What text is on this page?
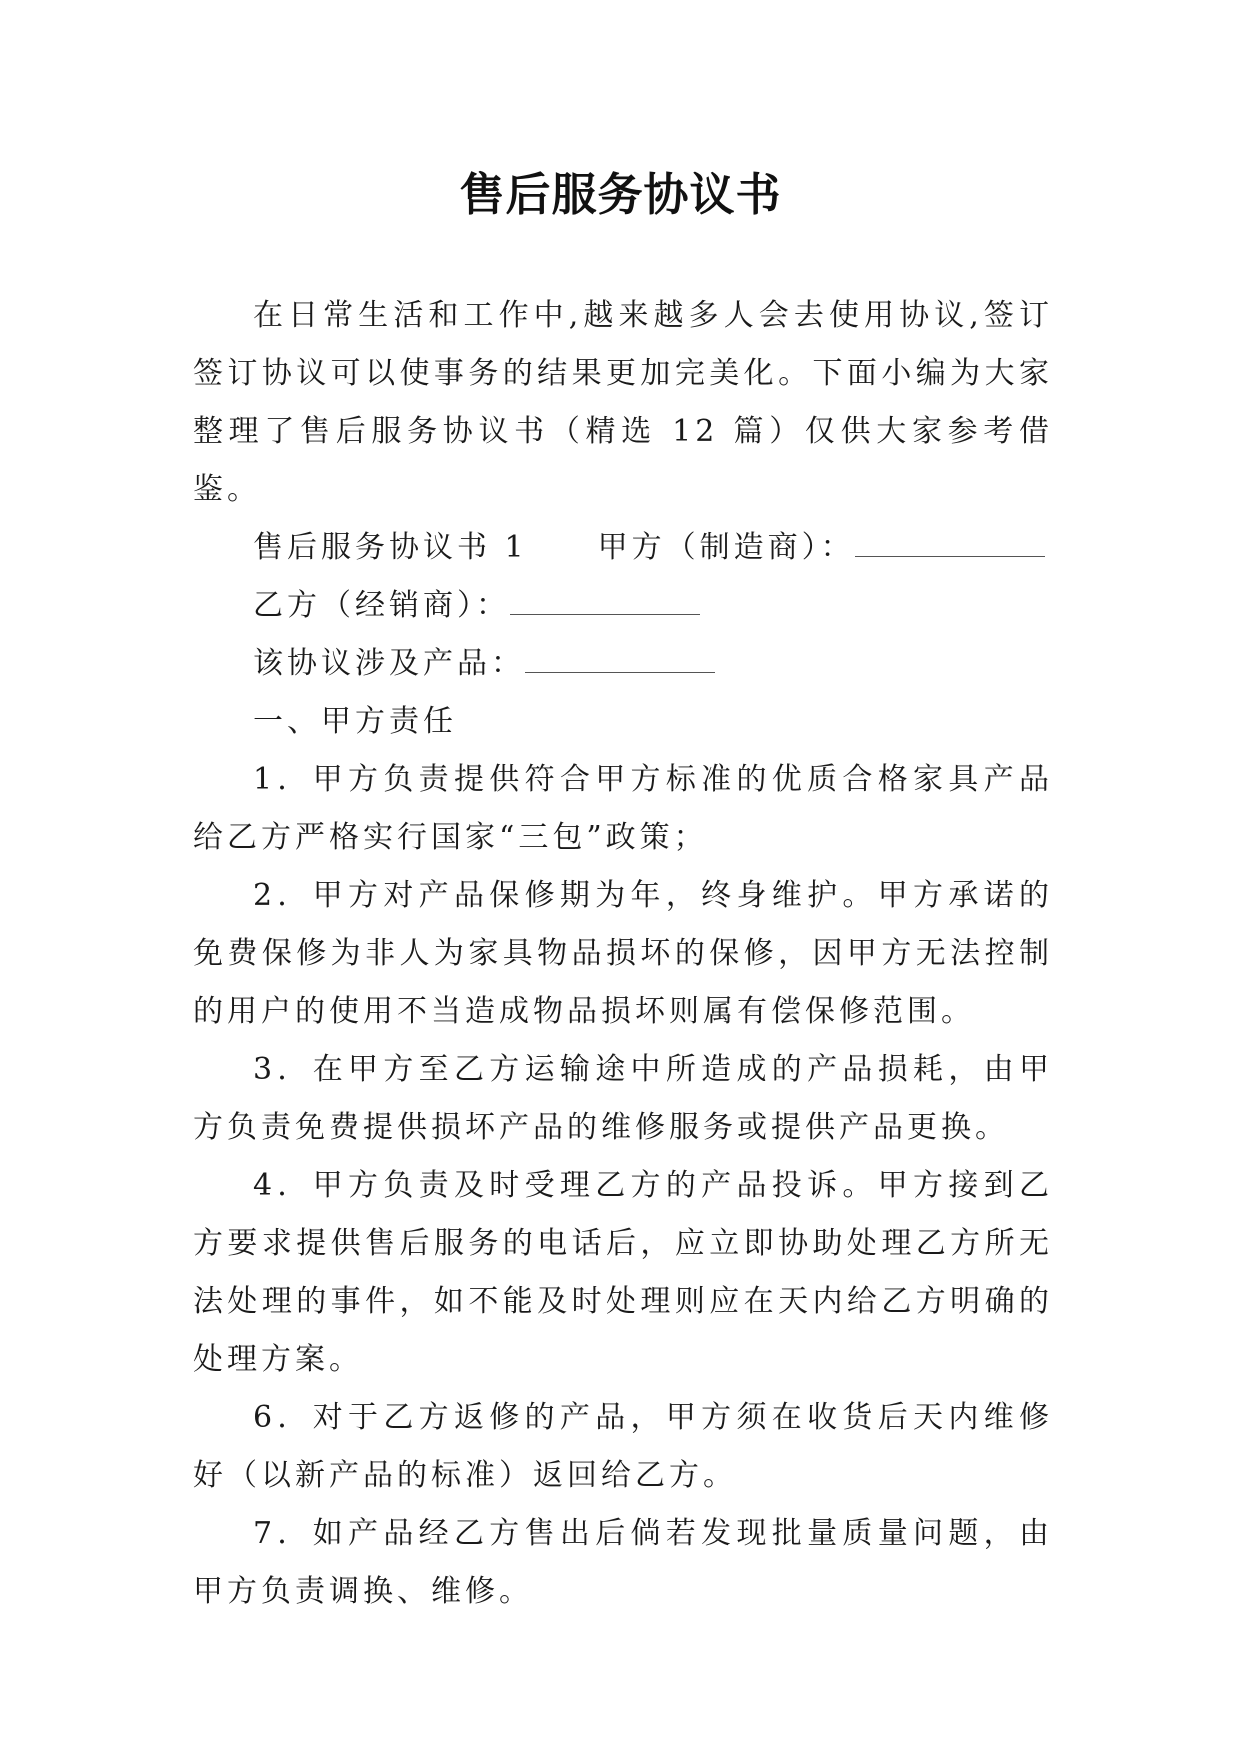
售后服务协议书

在日常生活和工作中,越来越多人会去使用协议,签订签订协议可以使事务的结果更加完美化。下面小编为大家整理了售后服务协议书（精选 12 篇）仅供大家参考借鉴。

售后服务协议书 1 甲方（制造商）：

乙方（经销商）：

该协议涉及产品：

一、甲方责任

1．甲方负责提供符合甲方标准的优质合格家具产品给乙方严格实行国家“三包”政策；

2．甲方对产品保修期为年，终身维护。甲方承诺的免费保修为非人为家具物品损坏的保修，因甲方无法控制的用户的使用不当造成物品损坏则属有偿保修范围。

3．在甲方至乙方运输途中所造成的产品损耗，由甲方负责免费提供损坏产品的维修服务或提供产品更换。

4．甲方负责及时受理乙方的产品投诉。甲方接到乙方要求提供售后服务的电话后，应立即协助处理乙方所无法处理的事件，如不能及时处理则应在天内给乙方明确的处理方案。

6．对于乙方返修的产品，甲方须在收货后天内维修好（以新产品的标准）返回给乙方。

7．如产品经乙方售出后倘若发现批量质量问题，由甲方负责调换、维修。
